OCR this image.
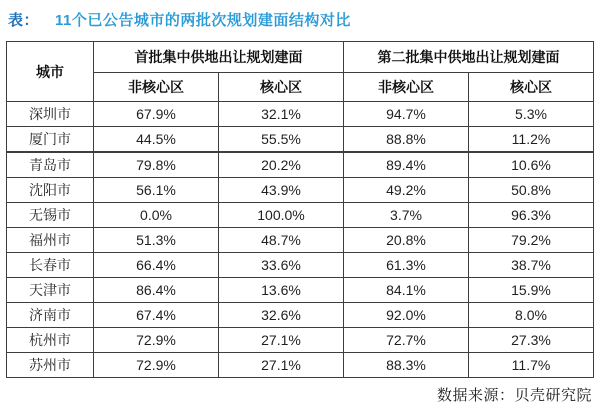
表： 11个已公告城市的两批次规划建面结构对比
城市	首批集中供地出让规划建面		第二批集中供地出让规划建面	
	非核心区	核心区	非核心区	核心区
深圳市	67.9%	32.1%	94.7%	5.3%
厦门市	44.5%	55.5%	88.8%	11.2%
青岛市	79.8%	20.2%	89.4%	10.6%
沈阳市	56.1%	43.9%	49.2%	50.8%
无锡市	0.0%	100.0%	3.7%	96.3%
福州市	51.3%	48.7%	20.8%	79.2%
长春市	66.4%	33.6%	61.3%	38.7%
天津市	86.4%	13.6%	84.1%	15.9%
济南市	67.4%	32.6%	92.0%	8.0%
杭州市	72.9%	27.1%	72.7%	27.3%
苏州市	72.9%	27.1%	88.3%	11.7%
数据来源：贝壳研究院
